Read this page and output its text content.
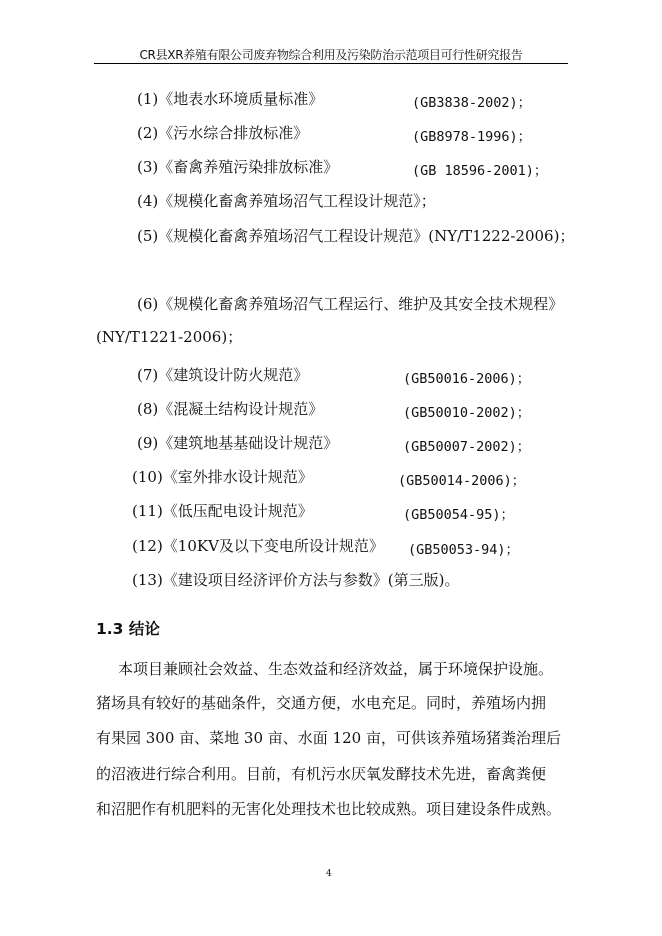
CR县XR养殖有限公司废弃物综合利用及污染防治示范项目可行性研究报告
(1)《地表水环境质量标准》	(GB3838-2002)；
(2)《污水综合排放标准》	(GB8978-1996)；
(3)《畜禽养殖污染排放标准》	(GB 18596-2001)；
(4)《规模化畜禽养殖场沼气工程设计规范》；
(5)《规模化畜禽养殖场沼气工程设计规范》(NY/T1222-2006)；
(6)《规模化畜禽养殖场沼气工程运行、维护及其安全技术规程》
(NY/T1221-2006)；
(7)《建筑设计防火规范》	(GB50016-2006)；
(8)《混凝土结构设计规范》	(GB50010-2002)；
(9)《建筑地基基础设计规范》	(GB50007-2002)；
(10)《室外排水设计规范》	(GB50014-2006)；
(11)《低压配电设计规范》	(GB50054-95)；
(12)《10KV及以下变电所设计规范》 (GB50053-94)；
(13)《建设项目经济评价方法与参数》(第三版)。
1.3 结论
本项目兼顾社会效益、生态效益和经济效益，属于环境保护设施。
猪场具有较好的基础条件，交通方便，水电充足。同时，养殖场内拥
有果园 300 亩、菜地 30 亩、水面 120 亩，可供该养殖场猪粪治理后
的沼液进行综合利用。目前，有机污水厌氧发酵技术先进，畜禽粪便
和沼肥作有机肥料的无害化处理技术也比较成熟。项目建设条件成熟。
4
